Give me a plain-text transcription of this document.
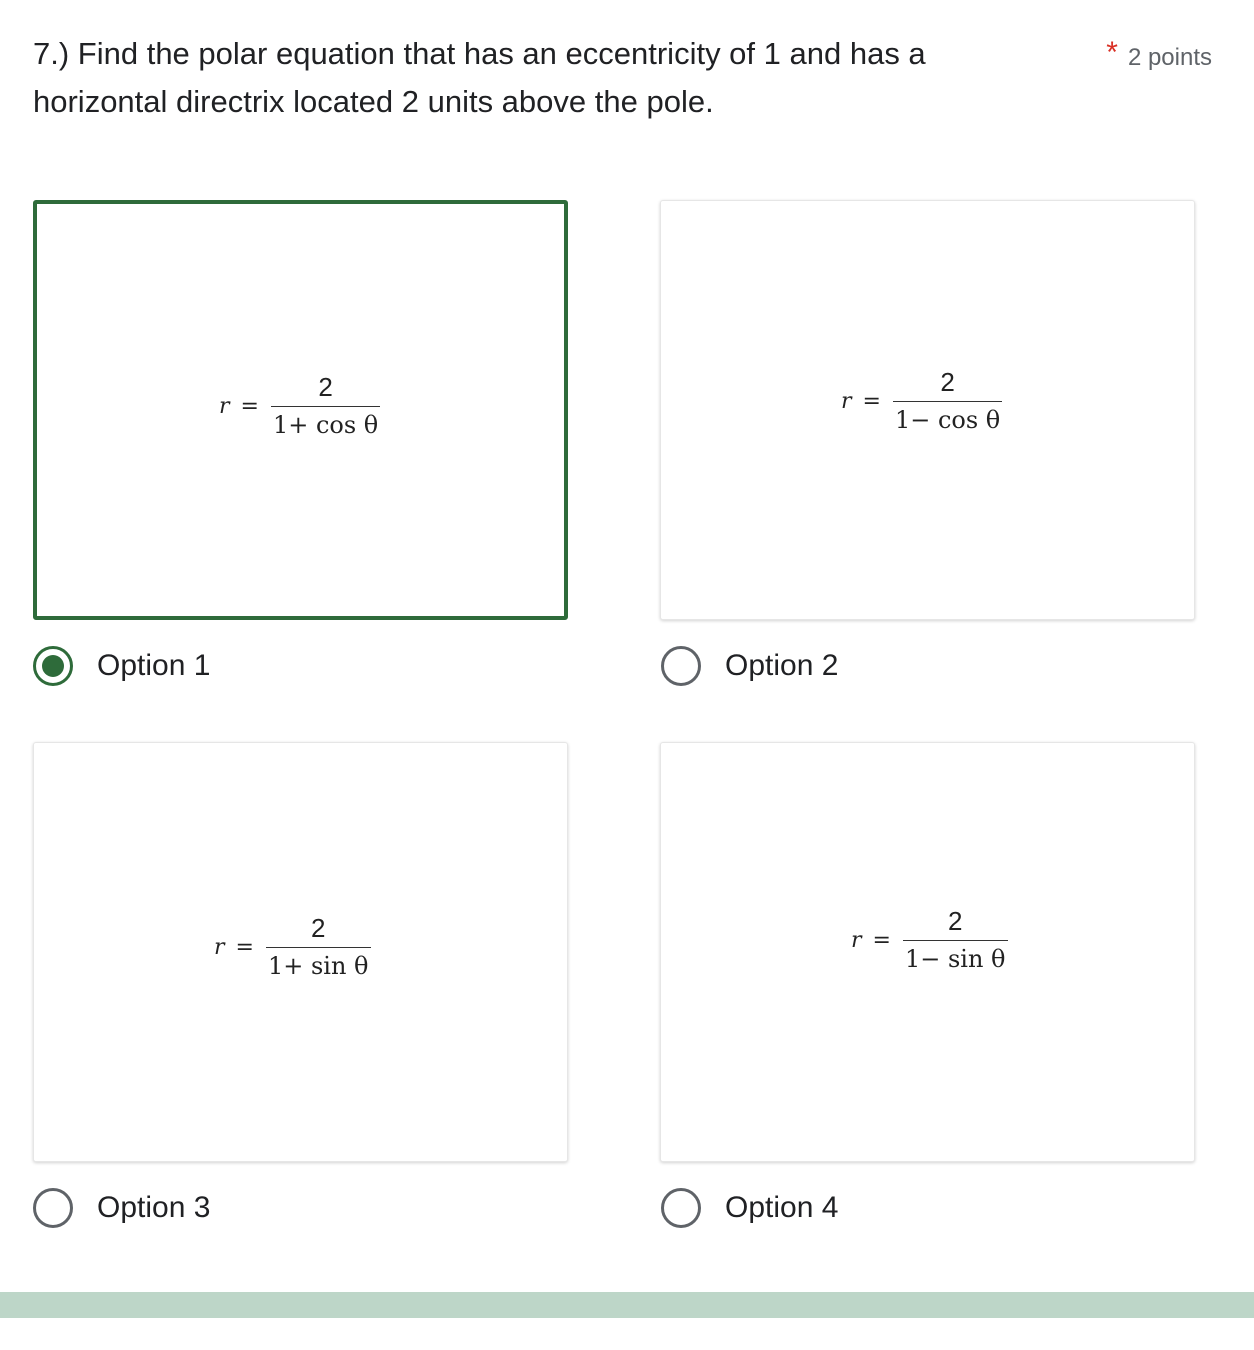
7.) Find the polar equation that has an eccentricity of 1 and has a horizontal directrix located 2 units above the pole.
* 2 points
$r = \frac{2}{\text{1+ cos θ}}$
Option 1
$r = \frac{2}{\text{1− cos θ}}$
Option 2
$r = \frac{2}{\text{1+ sin θ}}$
Option 3
$r = \frac{2}{\text{1− sin θ}}$
Option 4
